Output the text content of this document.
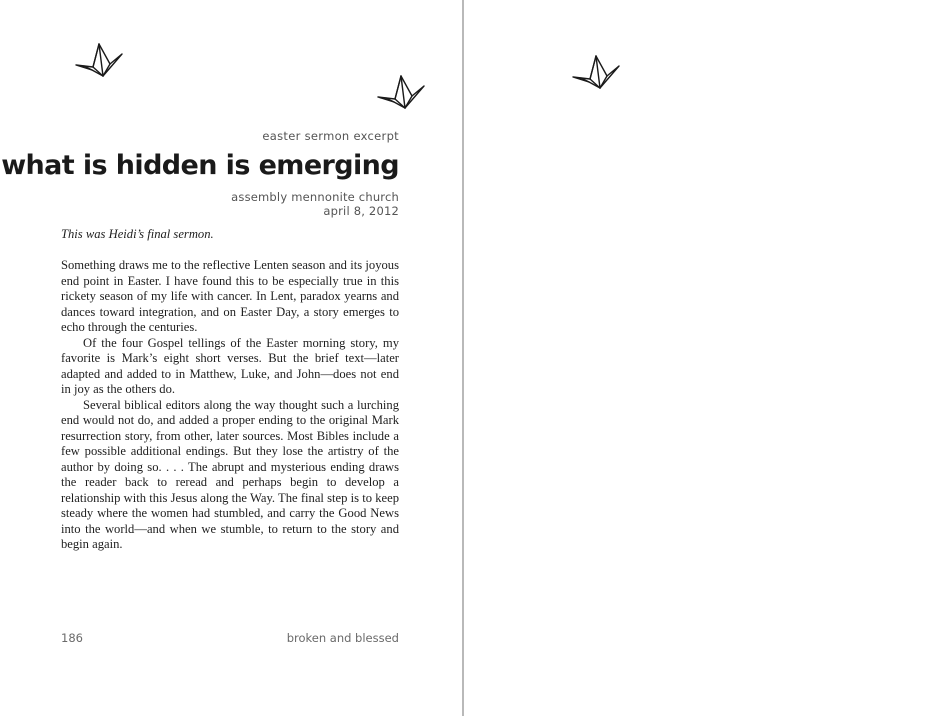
easter sermon excerpt
what is hidden is emerging
assembly mennonite church
april 8, 2012
This was Heidi’s final sermon.

Something draws me to the reflective Lenten season and its joyous end point in Easter. I have found this to be especially true in this rickety season of my life with cancer. In Lent, paradox yearns and dances toward integration, and on Easter Day, a story emerges to echo through the centuries.

Of the four Gospel tellings of the Easter morning story, my favorite is Mark’s eight short verses. But the brief text—later adapted and added to in Matthew, Luke, and John—does not end in joy as the others do.

Several biblical editors along the way thought such a lurching end would not do, and added a proper ending to the original Mark resurrection story, from other, later sources. Most Bibles include a few possible additional endings. But they lose the artistry of the author by doing so. . . . The abrupt and mysterious ending draws the reader back to reread and perhaps begin to develop a relationship with this Jesus along the Way. The final step is to keep steady where the women had stumbled, and carry the Good News into the world—and when we stumble, to return to the story and begin again.

186	broken and blessed
